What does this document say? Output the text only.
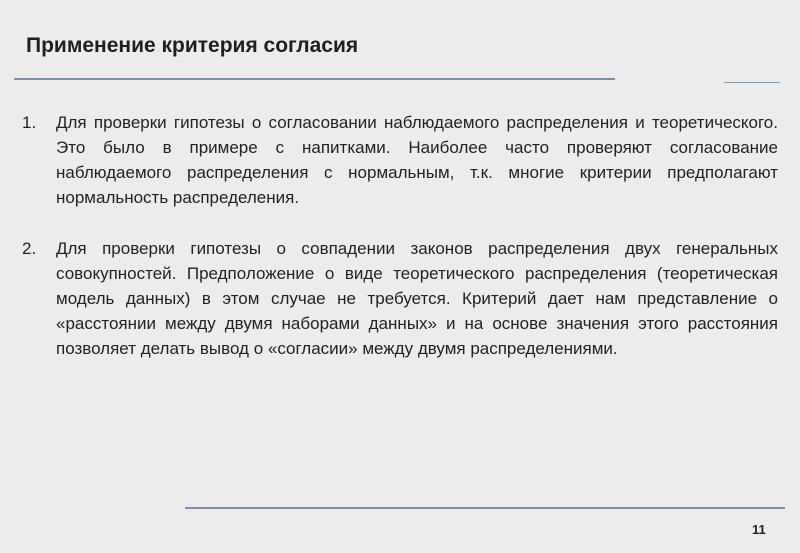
Применение критерия согласия
1. Для проверки гипотезы о согласовании наблюдаемого распределения и теоретического. Это было в примере с напитками. Наиболее часто проверяют согласование наблюдаемого распределения с нормальным, т.к. многие критерии предполагают нормальность распределения.

2. Для проверки гипотезы о совпадении законов распределения двух генеральных совокупностей. Предположение о виде теоретического распределения (теоретическая модель данных) в этом случае не требуется. Критерий дает нам представление о «расстоянии между двумя наборами данных» и на основе значения этого расстояния позволяет делать вывод о «согласии» между двумя распределениями.

11
